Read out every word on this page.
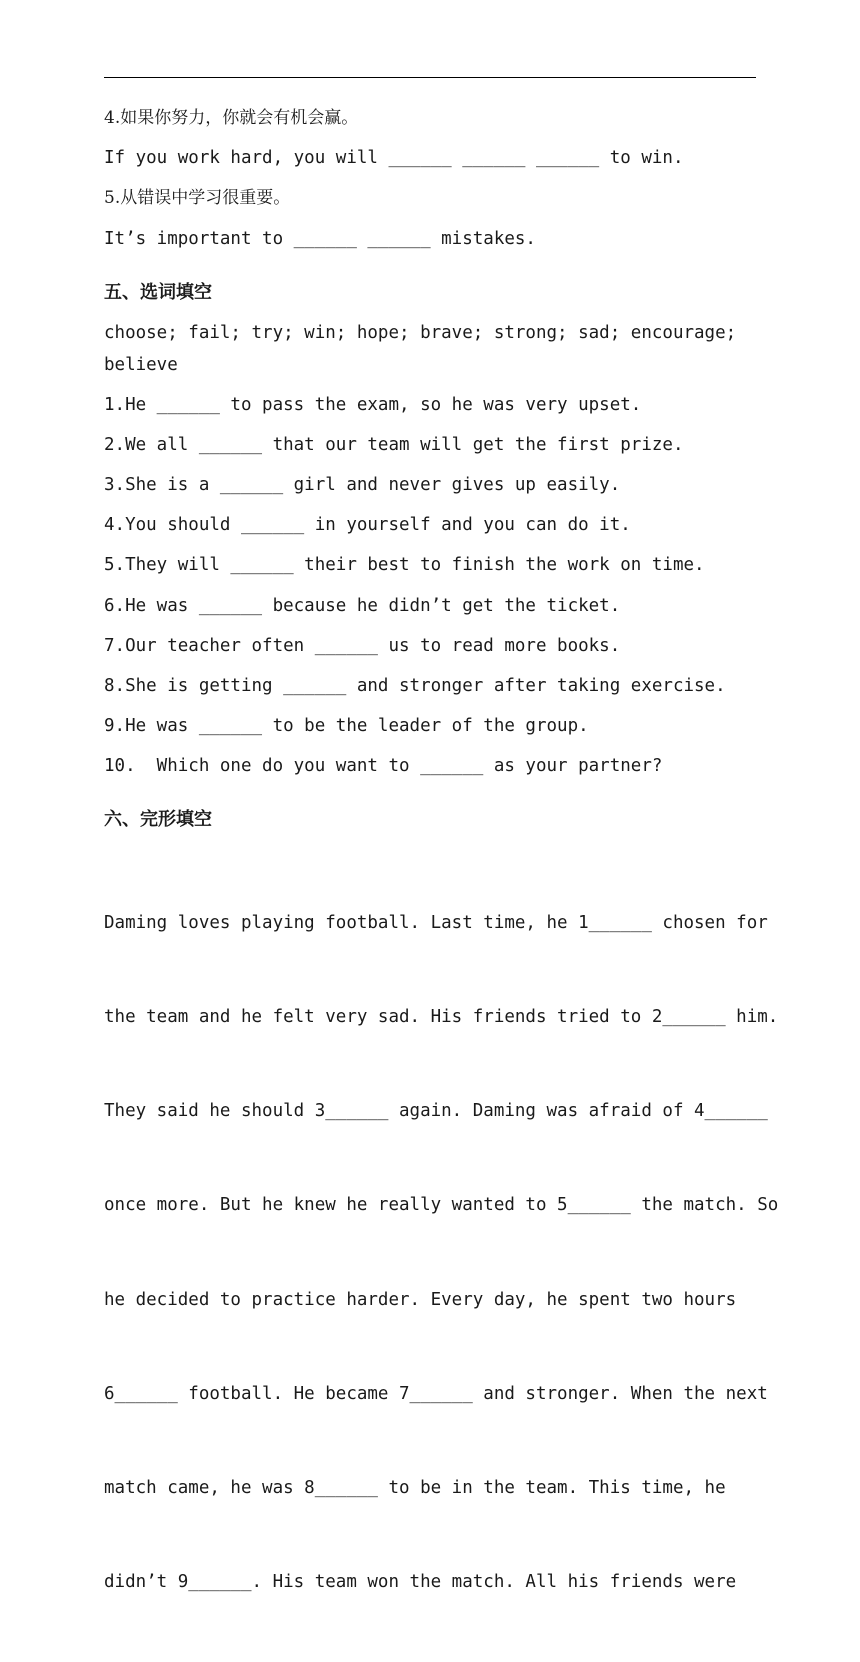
4.如果你努力，你就会有机会赢。
If you work hard, you will ______ ______ ______ to win.
5.从错误中学习很重要。
It’s important to ______ ______ mistakes.
五、选词填空
choose; fail; try; win; hope; brave; strong; sad; encourage;
believe
1.He ______ to pass the exam, so he was very upset.
2.We all ______ that our team will get the first prize.
3.She is a ______ girl and never gives up easily.
4.You should ______ in yourself and you can do it.
5.They will ______ their best to finish the work on time.
6.He was ______ because he didn’t get the ticket.
7.Our teacher often ______ us to read more books.
8.She is getting ______ and stronger after taking exercise.
9.He was ______ to be the leader of the group.
10.  Which one do you want to ______ as your partner?
六、完形填空

Daming loves playing football. Last time, he 1______ chosen for

the team and he felt very sad. His friends tried to 2______ him.

They said he should 3______ again. Daming was afraid of 4______

once more. But he knew he really wanted to 5______ the match. So

he decided to practice harder. Every day, he spent two hours

6______ football. He became 7______ and stronger. When the next

match came, he was 8______ to be in the team. This time, he

didn’t 9______. His team won the match. All his friends were
